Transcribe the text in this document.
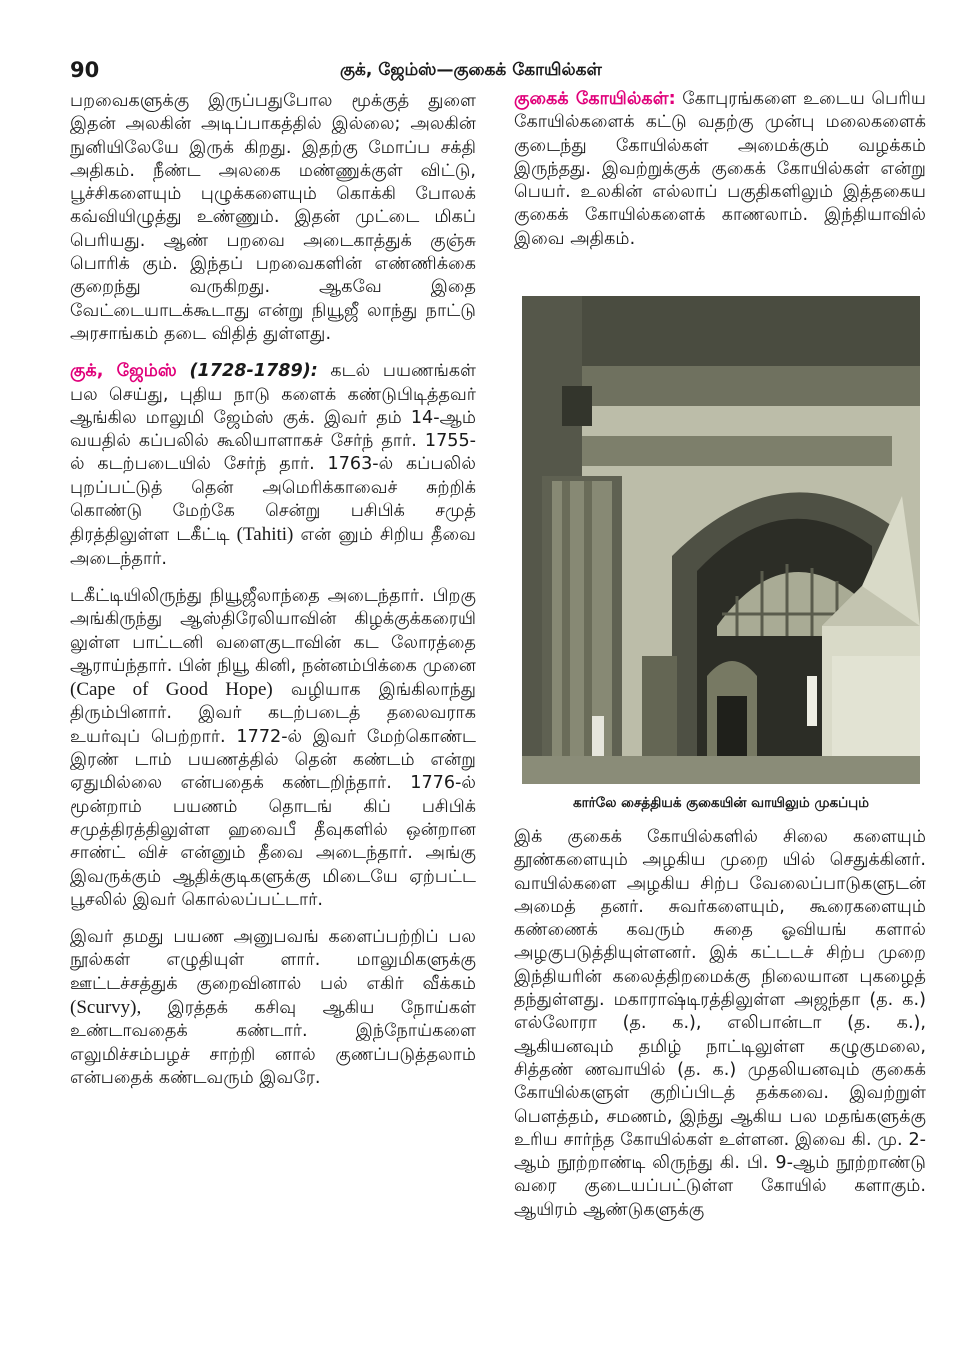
90	குக், ஜேம்ஸ்—குகைக் கோயில்கள்

பறவைகளுக்கு இருப்பதுபோல மூக்குத் துளை இதன் அலகின் அடிப்பாகத்தில் இல்லை; அலகின் நுனியிலேயே இருக் கிறது. இதற்கு மோப்ப சக்தி அதிகம். நீண்ட அலகை மண்ணுக்குள் விட்டு, பூச்சிகளையும் புழுக்களையும் கொக்கி போலக் கவ்வியிழுத்து உண்ணும். இதன் முட்டை மிகப் பெரியது. ஆண் பறவை அடைகாத்துக் குஞ்சு பொரிக் கும். இந்தப் பறவைகளின் எண்ணிக்கை குறைந்து வருகிறது. ஆகவே இதை வேட்டையாடக்கூடாது என்று நியூஜீ லாந்து நாட்டு அரசாங்கம் தடை விதித் துள்ளது.

குக், ஜேம்ஸ் (1728-1789): கடல் பயணங்கள் பல செய்து, புதிய நாடு களைக் கண்டுபிடித்தவர் ஆங்கில மாலுமி ஜேம்ஸ் குக். இவர் தம் 14-ஆம் வயதில் கப்பலில் கூலியாளாகச் சேர்ந் தார். 1755-ல் கடற்படையில் சேர்ந் தார். 1763-ல் கப்பலில் புறப்பட்டுத் தென் அமெரிக்காவைச் சுற்றிக் கொண்டு மேற்கே சென்று பசிபிக் சமுத் திரத்திலுள்ள டகீட்டி (Tahiti) என் னும் சிறிய தீவை அடைந்தார்.

டகீட்டியிலிருந்து நியூஜீலாந்தை அடைந்தார். பிறகு அங்கிருந்து ஆஸ்திரேலியாவின் கிழக்குக்கரையி லுள்ள பாட்டனி வளைகுடாவின் கட லோரத்தை ஆராய்ந்தார். பின் நியூ கினி, நன்னம்பிக்கை முனை (Cape of Good Hope) வழியாக இங்கிலாந்து திரும்பினார். இவர் கடற்படைத் தலைவராக உயர்வுப் பெற்றார். 1772-ல் இவர் மேற்கொண்ட இரண் டாம் பயணத்தில் தென் கண்டம் என்று ஏதுமில்லை என்பதைக் கண்டறிந்தார். 1776-ல் மூன்றாம் பயணம் தொடங் கிப் பசிபிக் சமுத்திரத்திலுள்ள ஹவைபீ தீவுகளில் ஒன்றான சாண்ட் விச் என்னும் தீவை அடைந்தார். அங்கு இவருக்கும் ஆதிக்குடிகளுக்கு மிடையே ஏற்பட்ட பூசலில் இவர் கொல்லப்பட்டார்.

இவர் தமது பயண அனுபவங் களைப்பற்றிப் பல நூல்கள் எழுதியுள் ளார். மாலுமிகளுக்கு ஊட்டச்சத்துக் குறைவினால் பல் எகிர் வீக்கம் (Scurvy), இரத்தக் கசிவு ஆகிய நோய்கள் உண்டாவதைக் கண்டார். இந்நோய்களை எலுமிச்சம்பழச் சாற்றி னால் குணப்படுத்தலாம் என்பதைக் கண்டவரும் இவரே.

குகைக் கோயில்கள்: கோபுரங்களை உடைய பெரிய கோயில்களைக் கட்டு வதற்கு முன்பு மலைகளைக் குடைந்து கோயில்கள் அமைக்கும் வழக்கம் இருந்தது. இவற்றுக்குக் குகைக் கோயில்கள் என்று பெயர். உலகின் எல்லாப் பகுதிகளிலும் இத்தகைய குகைக் கோயில்களைக் காணலாம். இந்தியாவில் இவை அதிகம்.

கார்லே சைத்தியக் குகையின் வாயிலும் முகப்பும்

இக் குகைக் கோயில்களில் சிலை களையும் தூண்களையும் அழகிய முறை யில் செதுக்கினர். வாயில்களை அழகிய சிற்ப வேலைப்பாடுகளுடன் அமைத் தனர். சுவர்களையும், கூரைகளையும் கண்ணைக் கவரும் சுதை ஓவியங் களால் அழகுபடுத்தியுள்ளனர். இக் கட்டடச் சிற்ப முறை இந்தியரின் கலைத்திறமைக்கு நிலையான புகழைத் தந்துள்ளது. மகாராஷ்டிரத்திலுள்ள அஜந்தா (த. க.) எல்லோரா (த. க.), எலிபான்டா (த. க.), ஆகியனவும் தமிழ் நாட்டிலுள்ள கழுகுமலை, சித்தண் ணவாயில் (த. க.) முதலியனவும் குகைக் கோயில்களுள் குறிப்பிடத் தக்கவை. இவற்றுள் பௌத்தம், சமணம், இந்து ஆகிய பல மதங்களுக்கு உரிய சார்ந்த கோயில்கள் உள்ளன. இவை கி. மு. 2-ஆம் நூற்றாண்டி லிருந்து கி. பி. 9-ஆம் நூற்றாண்டு வரை குடையப்பட்டுள்ள கோயில் களாகும். ஆயிரம் ஆண்டுகளுக்கு
